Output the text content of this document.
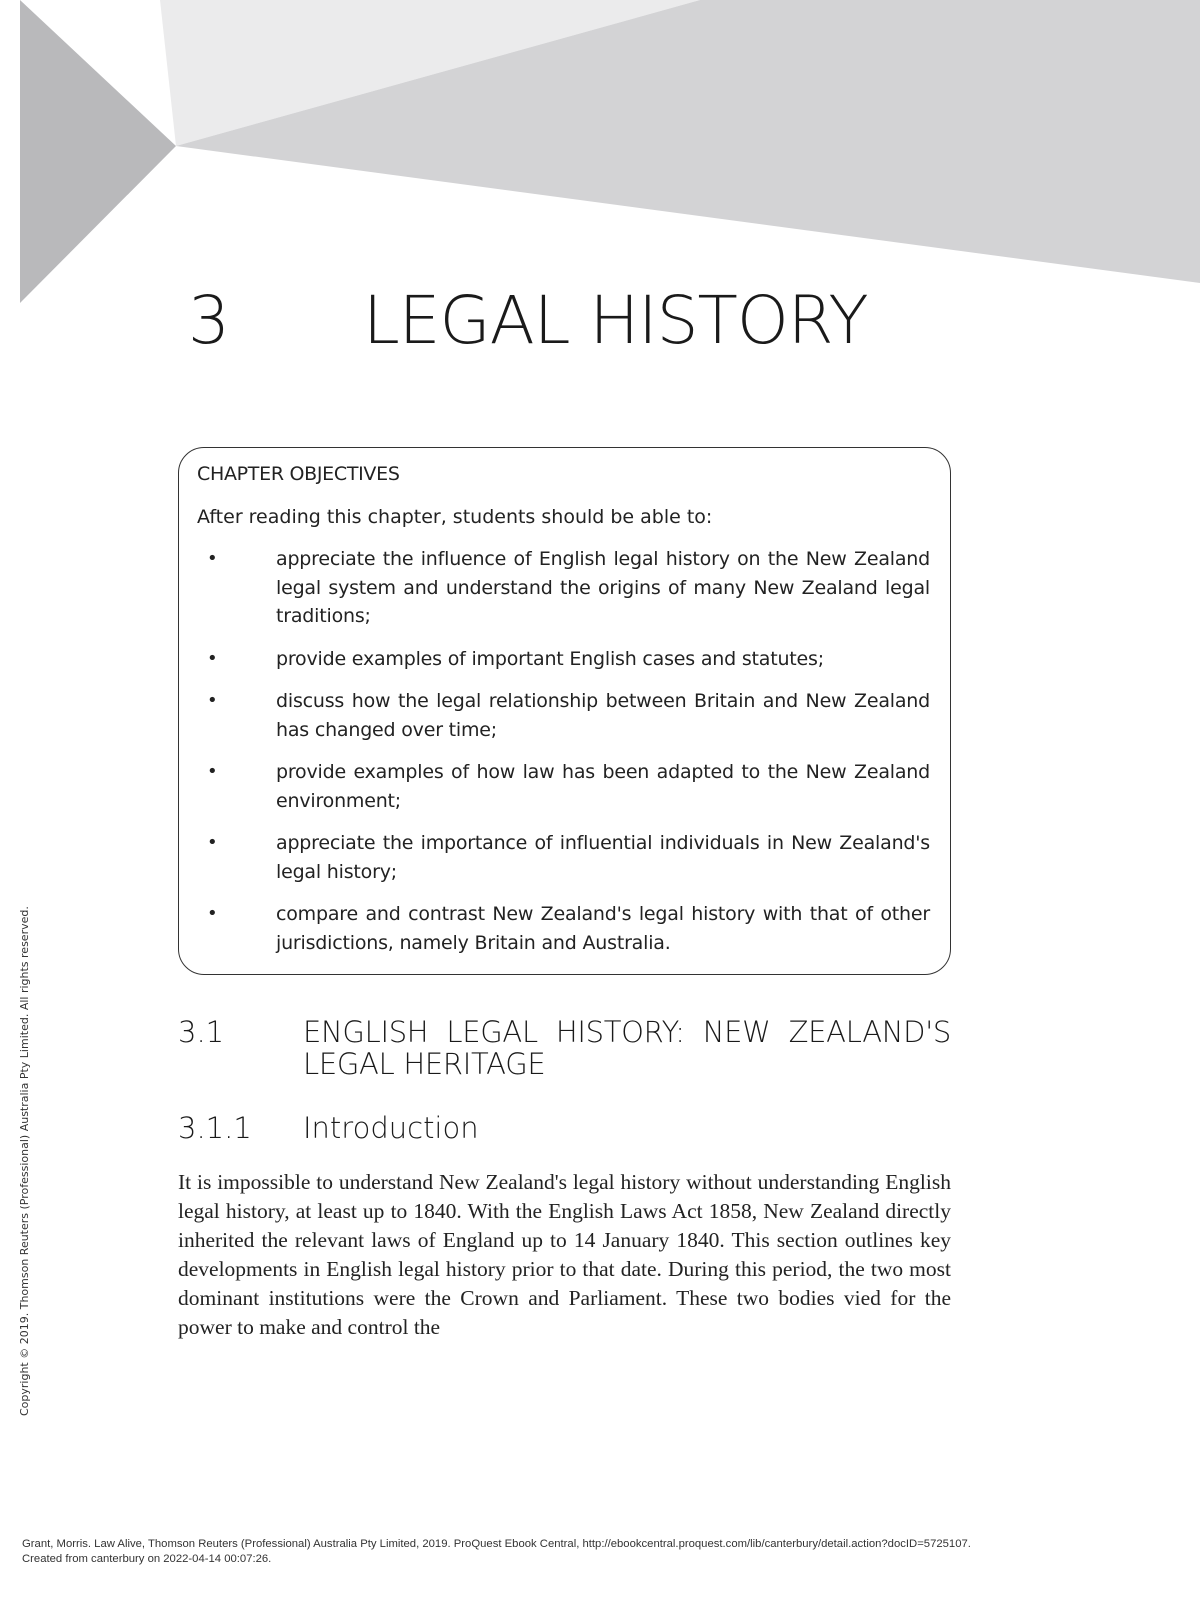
3 LEGAL HISTORY
CHAPTER OBJECTIVES
After reading this chapter, students should be able to:
•	appreciate the influence of English legal history on the New Zealand legal system and understand the origins of many New Zealand legal traditions;
•	provide examples of important English cases and statutes;
•	discuss how the legal relationship between Britain and New Zealand has changed over time;
•	provide examples of how law has been adapted to the New Zealand environment;
•	appreciate the importance of influential individuals in New Zealand's legal history;
•	compare and contrast New Zealand's legal history with that of other jurisdictions, namely Britain and Australia.
3.1	ENGLISH LEGAL HISTORY: NEW ZEALAND'S LEGAL HERITAGE
3.1.1 Introduction

It is impossible to understand New Zealand's legal history without understanding English legal history, at least up to 1840. With the English Laws Act 1858, New Zealand directly inherited the relevant laws of England up to 14 January 1840. This section outlines key developments in English legal history prior to that date. During this period, the two most dominant institutions were the Crown and Parliament. These two bodies vied for the power to make and control the

Copyright © 2019. Thomson Reuters (Professional) Australia Pty Limited. All rights reserved.
Grant, Morris. Law Alive, Thomson Reuters (Professional) Australia Pty Limited, 2019. ProQuest Ebook Central, http://ebookcentral.proquest.com/lib/canterbury/detail.action?docID=5725107.
Created from canterbury on 2022-04-14 00:07:26.
